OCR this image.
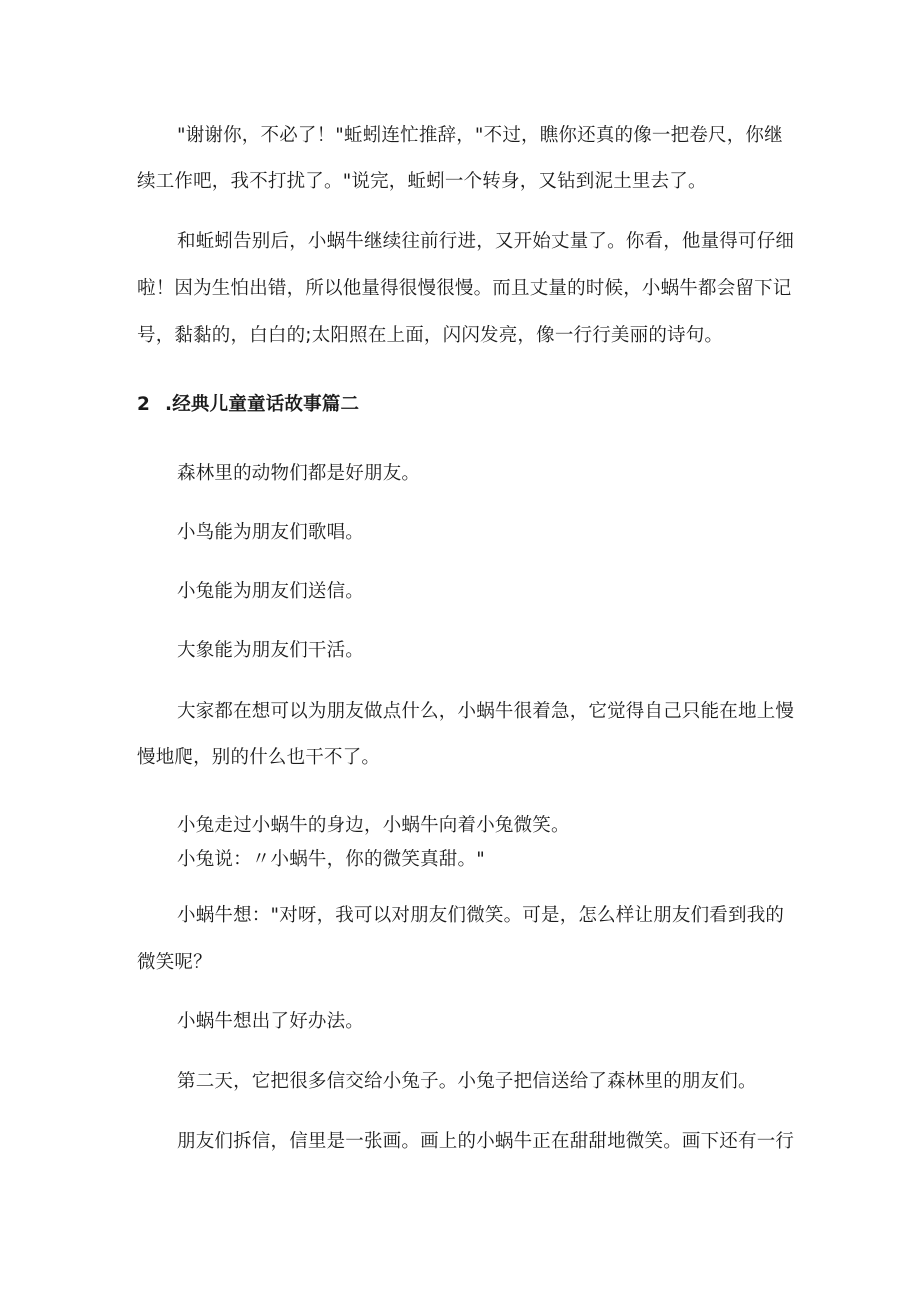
"谢谢你，不必了！"蚯蚓连忙推辞，"不过，瞧你还真的像一把卷尺，你继
续工作吧，我不打扰了。"说完，蚯蚓一个转身，又钻到泥土里去了。
和蚯蚓告别后，小蜗牛继续往前行进，又开始丈量了。你看，他量得可仔细
啦！因为生怕出错，所以他量得很慢很慢。而且丈量的时候，小蜗牛都会留下记
号，黏黏的，白白的;太阳照在上面，闪闪发亮，像一行行美丽的诗句。
2 .经典儿童童话故事篇二
森林里的动物们都是好朋友。
小鸟能为朋友们歌唱。
小兔能为朋友们送信。
大象能为朋友们干活。
大家都在想可以为朋友做点什么，小蜗牛很着急，它觉得自己只能在地上慢
慢地爬，别的什么也干不了。
小兔走过小蜗牛的身边，小蜗牛向着小兔微笑。
小兔说：〃小蜗牛，你的微笑真甜。"
小蜗牛想："对呀，我可以对朋友们微笑。可是，怎么样让朋友们看到我的
微笑呢？
小蜗牛想出了好办法。
第二天，它把很多信交给小兔子。小兔子把信送给了森林里的朋友们。
朋友们拆信，信里是一张画。画上的小蜗牛正在甜甜地微笑。画下还有一行
